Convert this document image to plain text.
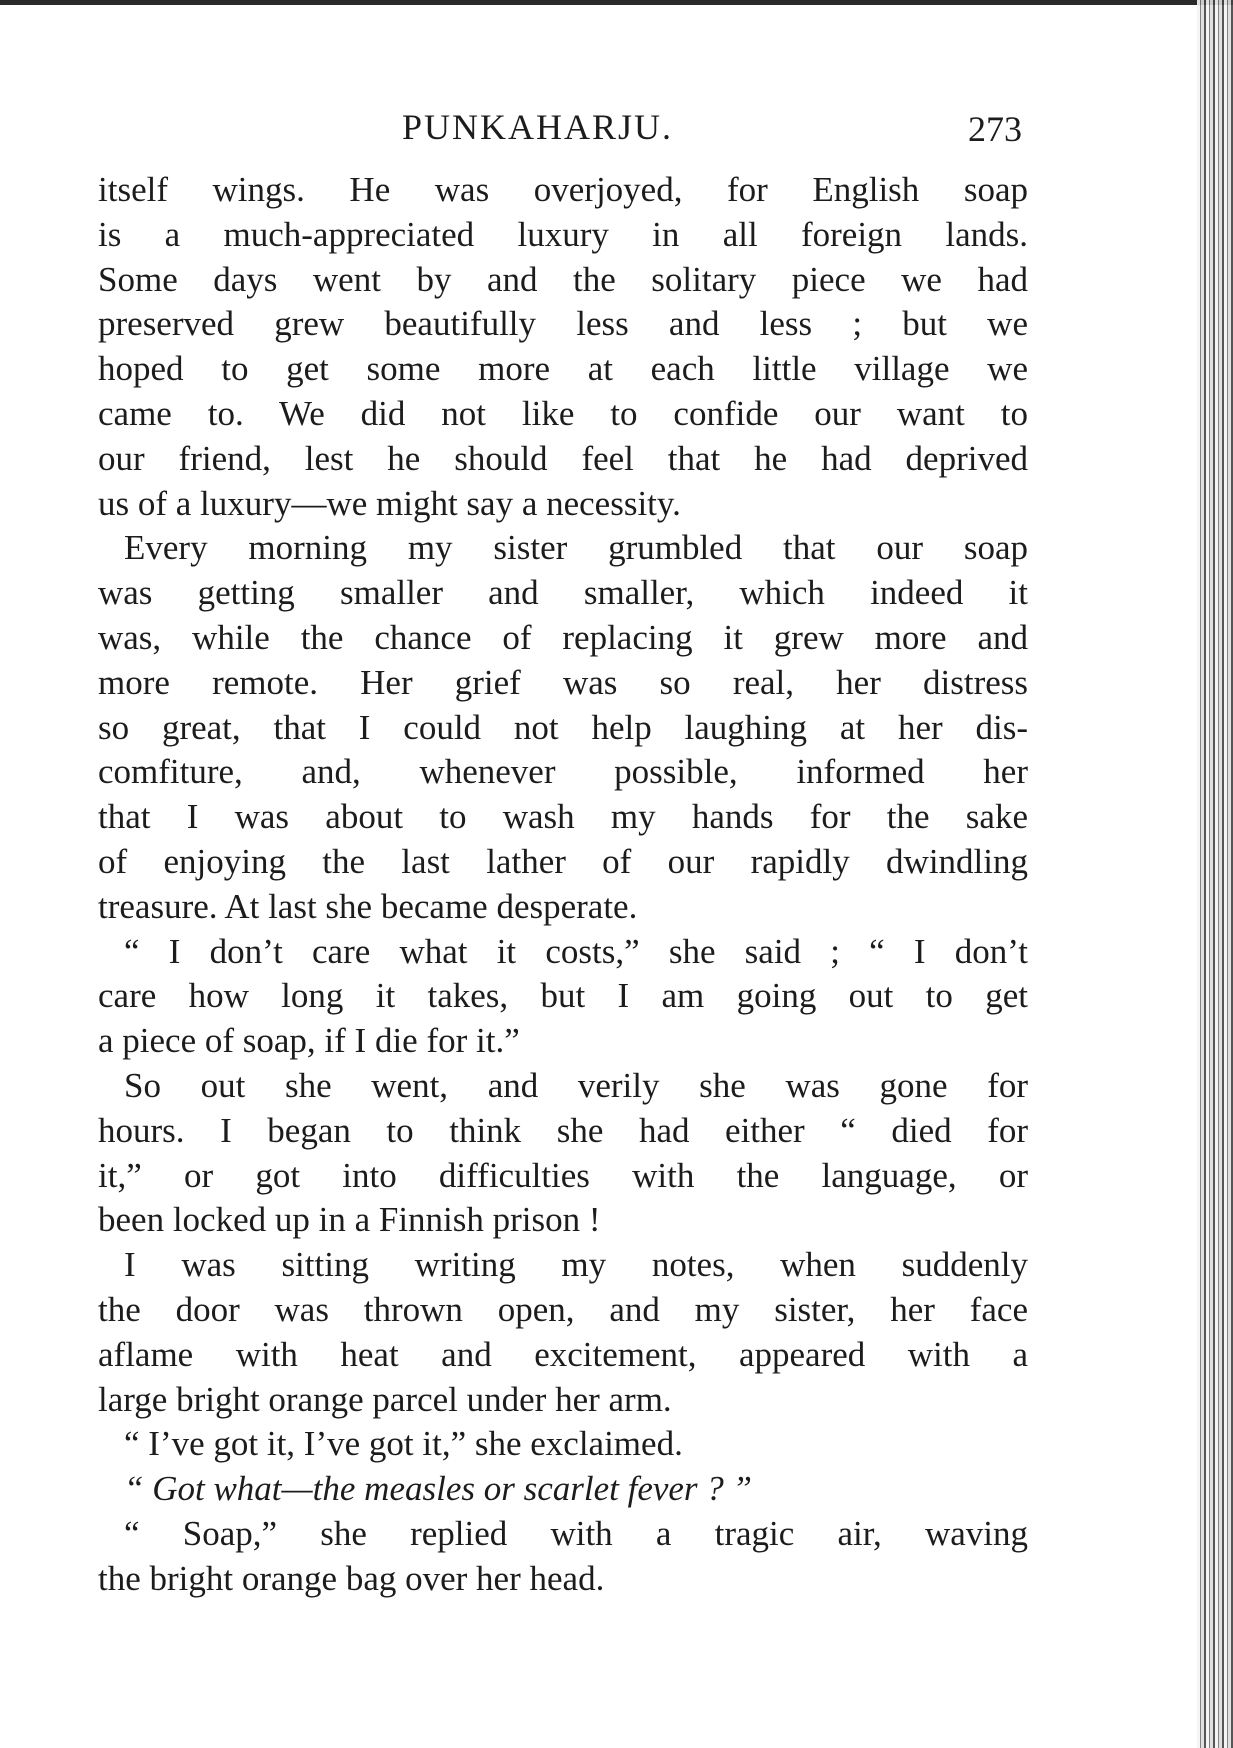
PUNKAHARJU.	273
itself wings. He was overjoyed, for English soap
is a much-appreciated luxury in all foreign lands.
Some days went by and the solitary piece we had
preserved grew beautifully less and less ; but we
hoped to get some more at each little village we
came to. We did not like to confide our want to
our friend, lest he should feel that he had deprived
us of a luxury—we might say a necessity.
Every morning my sister grumbled that our soap
was getting smaller and smaller, which indeed it
was, while the chance of replacing it grew more and
more remote. Her grief was so real, her distress
so great, that I could not help laughing at her dis-
comfiture, and, whenever possible, informed her
that I was about to wash my hands for the sake
of enjoying the last lather of our rapidly dwindling
treasure. At last she became desperate.
“ I don’t care what it costs,” she said ; “ I don’t
care how long it takes, but I am going out to get
a piece of soap, if I die for it.”
So out she went, and verily she was gone for
hours. I began to think she had either “ died for
it,” or got into difficulties with the language, or
been locked up in a Finnish prison !
I was sitting writing my notes, when suddenly
the door was thrown open, and my sister, her face
aflame with heat and excitement, appeared with a
large bright orange parcel under her arm.
“ I’ve got it, I’ve got it,” she exclaimed.
“ Got what—the measles or scarlet fever ? ”
“ Soap,” she replied with a tragic air, waving
the bright orange bag over her head.
